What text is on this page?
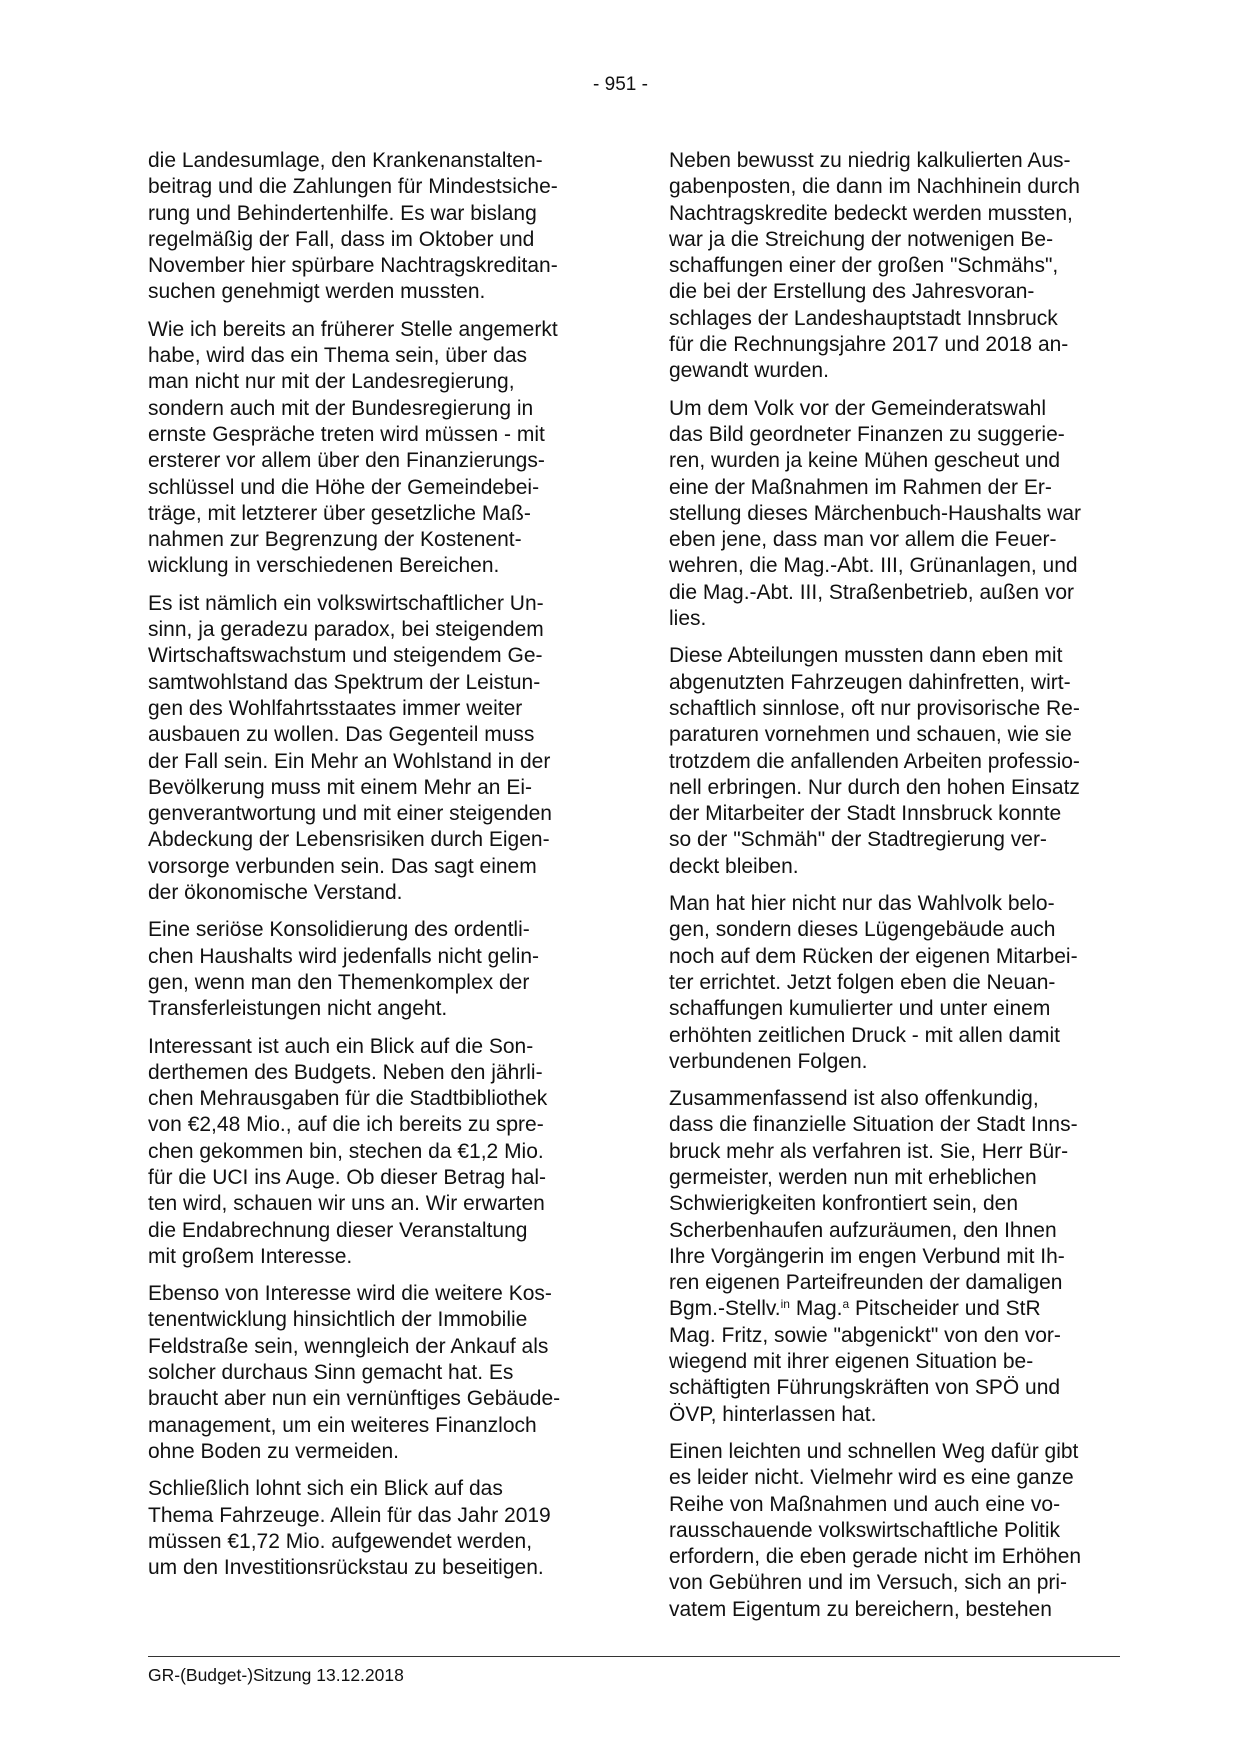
- 951 -

die Landesumlage, den Krankenanstalten-
beitrag und die Zahlungen für Mindestsiche-
rung und Behindertenhilfe. Es war bislang
regelmäßig der Fall, dass im Oktober und
November hier spürbare Nachtragskreditan-
suchen genehmigt werden mussten.

Wie ich bereits an früherer Stelle angemerkt
habe, wird das ein Thema sein, über das
man nicht nur mit der Landesregierung,
sondern auch mit der Bundesregierung in
ernste Gespräche treten wird müssen - mit
ersterer vor allem über den Finanzierungs-
schlüssel und die Höhe der Gemeindebei-
träge, mit letzterer über gesetzliche Maß-
nahmen zur Begrenzung der Kostenent-
wicklung in verschiedenen Bereichen.

Es ist nämlich ein volkswirtschaftlicher Un-
sinn, ja geradezu paradox, bei steigendem
Wirtschaftswachstum und steigendem Ge-
samtwohlstand das Spektrum der Leistun-
gen des Wohlfahrtsstaates immer weiter
ausbauen zu wollen. Das Gegenteil muss
der Fall sein. Ein Mehr an Wohlstand in der
Bevölkerung muss mit einem Mehr an Ei-
genverantwortung und mit einer steigenden
Abdeckung der Lebensrisiken durch Eigen-
vorsorge verbunden sein. Das sagt einem
der ökonomische Verstand.

Eine seriöse Konsolidierung des ordentli-
chen Haushalts wird jedenfalls nicht gelin-
gen, wenn man den Themenkomplex der
Transferleistungen nicht angeht.

Interessant ist auch ein Blick auf die Son-
derthemen des Budgets. Neben den jährli-
chen Mehrausgaben für die Stadtbibliothek
von €2,48 Mio., auf die ich bereits zu spre-
chen gekommen bin, stechen da €1,2 Mio.
für die UCI ins Auge. Ob dieser Betrag hal-
ten wird, schauen wir uns an. Wir erwarten
die Endabrechnung dieser Veranstaltung
mit großem Interesse.

Ebenso von Interesse wird die weitere Kos-
tenentwicklung hinsichtlich der Immobilie
Feldstraße sein, wenngleich der Ankauf als
solcher durchaus Sinn gemacht hat. Es
braucht aber nun ein vernünftiges Gebäude-
management, um ein weiteres Finanzloch
ohne Boden zu vermeiden.

Schließlich lohnt sich ein Blick auf das
Thema Fahrzeuge. Allein für das Jahr 2019
müssen €1,72 Mio. aufgewendet werden,
um den Investitionsrückstau zu beseitigen.

Neben bewusst zu niedrig kalkulierten Aus-
gabenposten, die dann im Nachhinein durch
Nachtragskredite bedeckt werden mussten,
war ja die Streichung der notwenigen Be-
schaffungen einer der großen "Schmähs",
die bei der Erstellung des Jahresvoran-
schlages der Landeshauptstadt Innsbruck
für die Rechnungsjahre 2017 und 2018 an-
gewandt wurden.

Um dem Volk vor der Gemeinderatswahl
das Bild geordneter Finanzen zu suggerie-
ren, wurden ja keine Mühen gescheut und
eine der Maßnahmen im Rahmen der Er-
stellung dieses Märchenbuch-Haushalts war
eben jene, dass man vor allem die Feuer-
wehren, die Mag.-Abt. III, Grünanlagen, und
die Mag.-Abt. III, Straßenbetrieb, außen vor
lies.

Diese Abteilungen mussten dann eben mit
abgenutzten Fahrzeugen dahinfretten, wirt-
schaftlich sinnlose, oft nur provisorische Re-
paraturen vornehmen und schauen, wie sie
trotzdem die anfallenden Arbeiten professio-
nell erbringen. Nur durch den hohen Einsatz
der Mitarbeiter der Stadt Innsbruck konnte
so der "Schmäh" der Stadtregierung ver-
deckt bleiben.

Man hat hier nicht nur das Wahlvolk belo-
gen, sondern dieses Lügengebäude auch
noch auf dem Rücken der eigenen Mitarbei-
ter errichtet. Jetzt folgen eben die Neuan-
schaffungen kumulierter und unter einem
erhöhten zeitlichen Druck - mit allen damit
verbundenen Folgen.

Zusammenfassend ist also offenkundig,
dass die finanzielle Situation der Stadt Inns-
bruck mehr als verfahren ist. Sie, Herr Bür-
germeister, werden nun mit erheblichen
Schwierigkeiten konfrontiert sein, den
Scherbenhaufen aufzuräumen, den Ihnen
Ihre Vorgängerin im engen Verbund mit Ih-
ren eigenen Parteifreunden der damaligen
Bgm.-Stellv.$^{in}$ Mag.$^a$ Pitscheider und StR
Mag. Fritz, sowie "abgenickt" von den vor-
wiegend mit ihrer eigenen Situation be-
schäftigten Führungskräften von SPÖ und
ÖVP, hinterlassen hat.

Einen leichten und schnellen Weg dafür gibt
es leider nicht. Vielmehr wird es eine ganze
Reihe von Maßnahmen und auch eine vo-
rausschauende volkswirtschaftliche Politik
erfordern, die eben gerade nicht im Erhöhen
von Gebühren und im Versuch, sich an pri-
vatem Eigentum zu bereichern, bestehen

GR-(Budget-)Sitzung 13.12.2018
